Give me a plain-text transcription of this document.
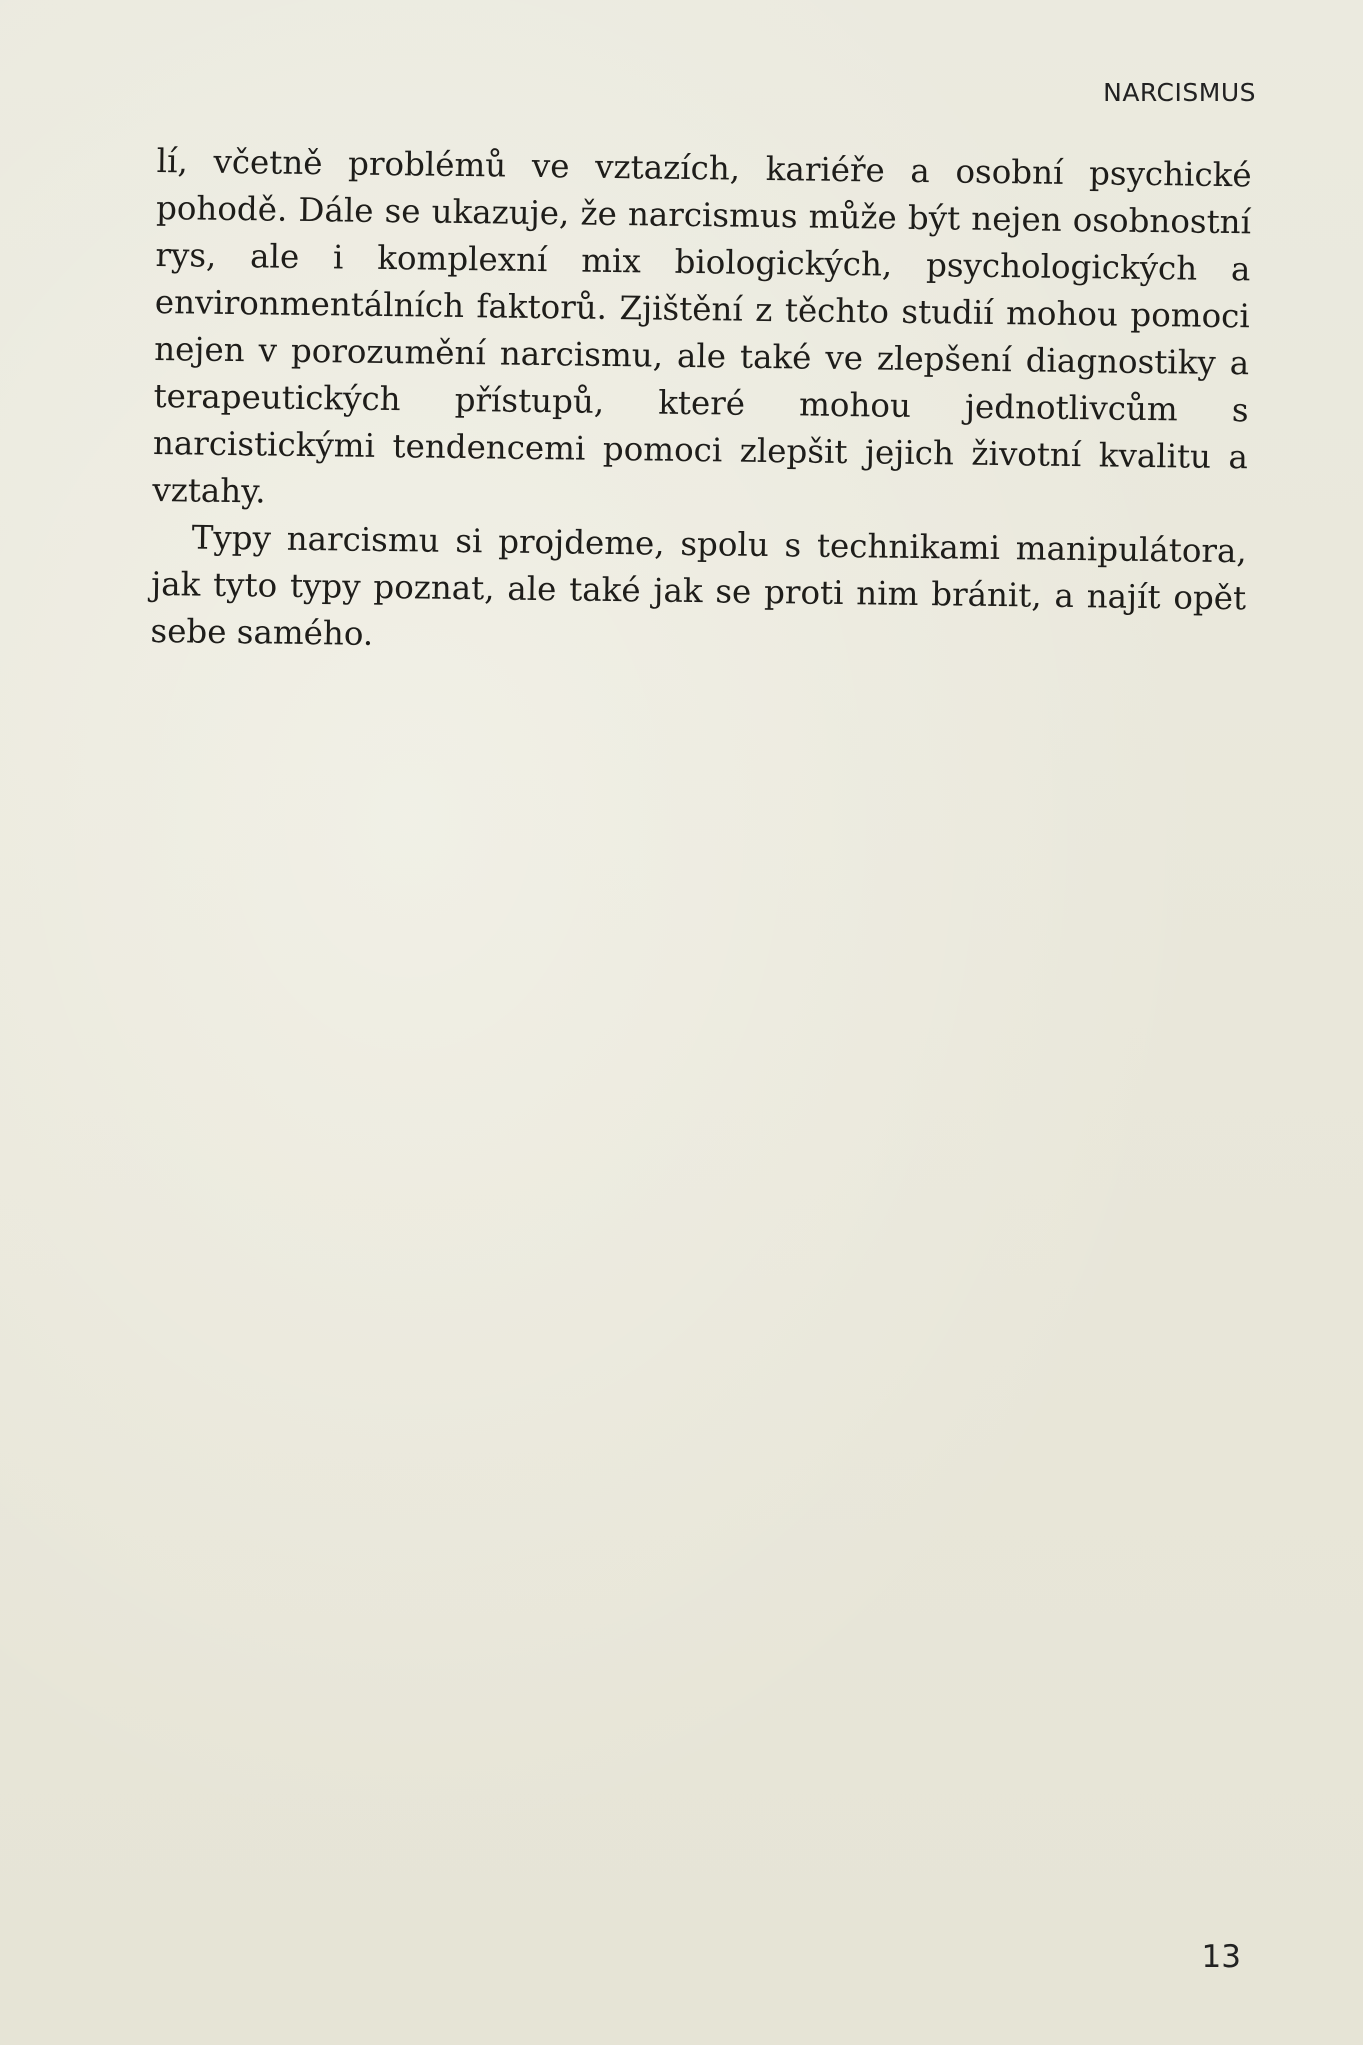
NARCISMUS

lí, včetně problémů ve vztazích, kariéře a osobní psychické pohodě. Dále se ukazuje, že narcismus může být nejen osobnostní rys, ale i komplexní mix biologických, psychologických a environmentálních faktorů. Zjištění z těchto studií mohou pomoci nejen v porozumění narcismu, ale také ve zlepšení diagnostiky a terapeutických přístupů, které mohou jednotlivcům s narcistickými tendencemi pomoci zlepšit jejich životní kvalitu a vztahy.

Typy narcismu si projdeme, spolu s technikami manipulátora, jak tyto typy poznat, ale také jak se proti nim bránit, a najít opět sebe samého.

13
